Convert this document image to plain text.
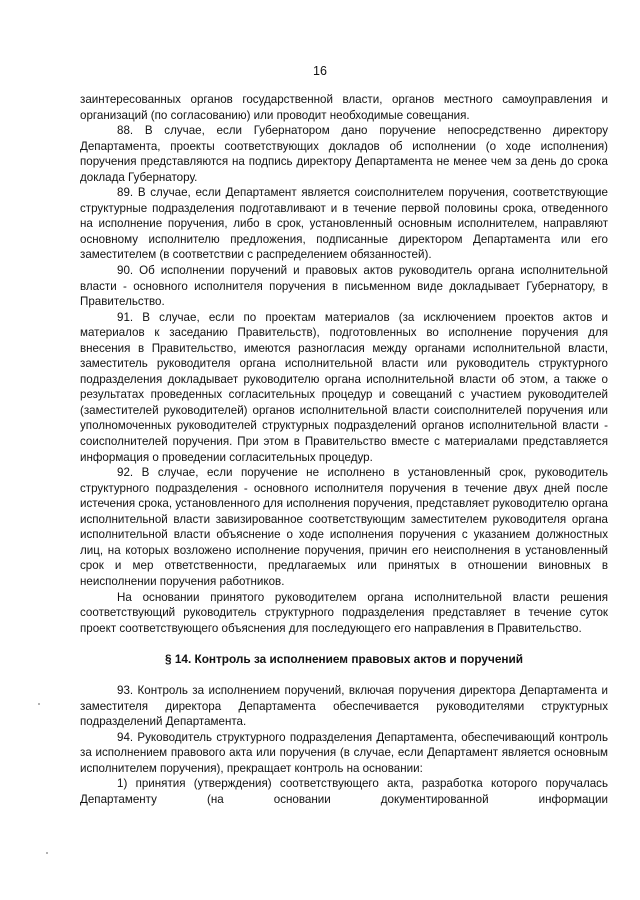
16

заинтересованных органов государственной власти, органов местного самоуправления и организаций (по согласованию) или проводит необходимые совещания.

88. В случае, если Губернатором дано поручение непосредственно директору Департамента, проекты соответствующих докладов об исполнении (о ходе исполнения) поручения представляются на подпись директору Департамента не менее чем за день до срока доклада Губернатору.

89. В случае, если Департамент является соисполнителем поручения, соответствующие структурные подразделения подготавливают и в течение первой половины срока, отведенного на исполнение поручения, либо в срок, установленный основным исполнителем, направляют основному исполнителю предложения, подписанные директором Департамента или его заместителем (в соответствии с распределением обязанностей).

90. Об исполнении поручений и правовых актов руководитель органа исполнительной власти - основного исполнителя поручения в письменном виде докладывает Губернатору, в Правительство.

91. В случае, если по проектам материалов (за исключением проектов актов и материалов к заседанию Правительств), подготовленных во исполнение поручения для внесения в Правительство, имеются разногласия между органами исполнительной власти, заместитель руководителя органа исполнительной власти или руководитель структурного подразделения докладывает руководителю органа исполнительной власти об этом, а также о результатах проведенных согласительных процедур и совещаний с участием руководителей (заместителей руководителей) органов исполнительной власти соисполнителей поручения или уполномоченных руководителей структурных подразделений органов исполнительной власти - соисполнителей поручения. При этом в Правительство вместе с материалами представляется информация о проведении согласительных процедур.

92. В случае, если поручение не исполнено в установленный срок, руководитель структурного подразделения - основного исполнителя поручения в течение двух дней после истечения срока, установленного для исполнения поручения, представляет руководителю органа исполнительной власти завизированное соответствующим заместителем руководителя органа исполнительной власти объяснение о ходе исполнения поручения с указанием должностных лиц, на которых возложено исполнение поручения, причин его неисполнения в установленный срок и мер ответственности, предлагаемых или принятых в отношении виновных в неисполнении поручения работников.

На основании принятого руководителем органа исполнительной власти решения соответствующий руководитель структурного подразделения представляет в течение суток проект соответствующего объяснения для последующего его направления в Правительство.

§ 14. Контроль за исполнением правовых актов и поручений

93. Контроль за исполнением поручений, включая поручения директора Департамента и заместителя директора Департамента обеспечивается руководителями структурных подразделений Департамента.

94. Руководитель структурного подразделения Департамента, обеспечивающий контроль за исполнением правового акта или поручения (в случае, если Департамент является основным исполнителем поручения), прекращает контроль на основании:

1) принятия (утверждения) соответствующего акта, разработка которого поручалась Департаменту (на основании документированной информации
